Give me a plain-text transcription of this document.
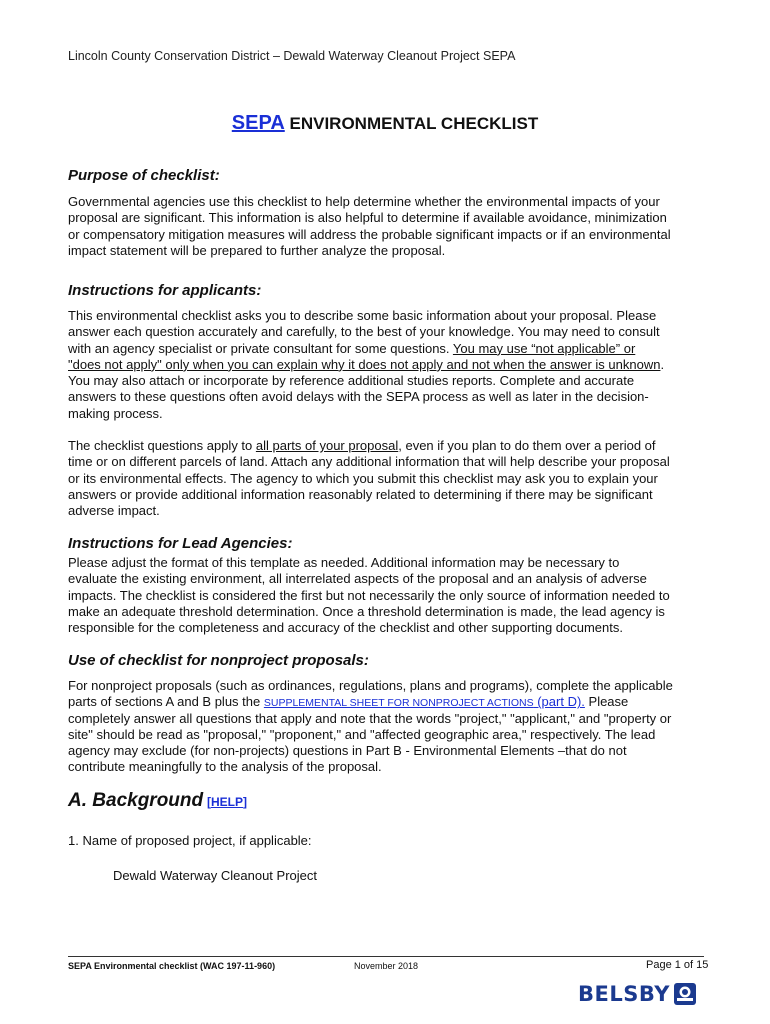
Lincoln County Conservation District – Dewald Waterway Cleanout Project SEPA
SEPA ENVIRONMENTAL CHECKLIST
Purpose of checklist:
Governmental agencies use this checklist to help determine whether the environmental impacts of your
proposal are significant. This information is also helpful to determine if available avoidance, minimization
or compensatory mitigation measures will address the probable significant impacts or if an environmental
impact statement will be prepared to further analyze the proposal.
Instructions for applicants:
This environmental checklist asks you to describe some basic information about your proposal. Please
answer each question accurately and carefully, to the best of your knowledge. You may need to consult
with an agency specialist or private consultant for some questions. You may use “not applicable” or
"does not apply" only when you can explain why it does not apply and not when the answer is unknown.
You may also attach or incorporate by reference additional studies reports. Complete and accurate
answers to these questions often avoid delays with the SEPA process as well as later in the decision-
making process.
The checklist questions apply to all parts of your proposal, even if you plan to do them over a period of
time or on different parcels of land. Attach any additional information that will help describe your proposal
or its environmental effects. The agency to which you submit this checklist may ask you to explain your
answers or provide additional information reasonably related to determining if there may be significant
adverse impact.
Instructions for Lead Agencies:
Please adjust the format of this template as needed. Additional information may be necessary to
evaluate the existing environment, all interrelated aspects of the proposal and an analysis of adverse
impacts. The checklist is considered the first but not necessarily the only source of information needed to
make an adequate threshold determination. Once a threshold determination is made, the lead agency is
responsible for the completeness and accuracy of the checklist and other supporting documents.
Use of checklist for nonproject proposals:
For nonproject proposals (such as ordinances, regulations, plans and programs), complete the applicable
parts of sections A and B plus the SUPPLEMENTAL SHEET FOR NONPROJECT ACTIONS (part D). Please
completely answer all questions that apply and note that the words "project," "applicant," and "property or
site" should be read as "proposal," "proponent," and "affected geographic area," respectively. The lead
agency may exclude (for non-projects) questions in Part B - Environmental Elements –that do not
contribute meaningfully to the analysis of the proposal.
A. Background [HELP]
1. Name of proposed project, if applicable:
Dewald Waterway Cleanout Project
SEPA Environmental checklist (WAC 197-11-960)	November 2018	Page 1 of 15
BELSBY
